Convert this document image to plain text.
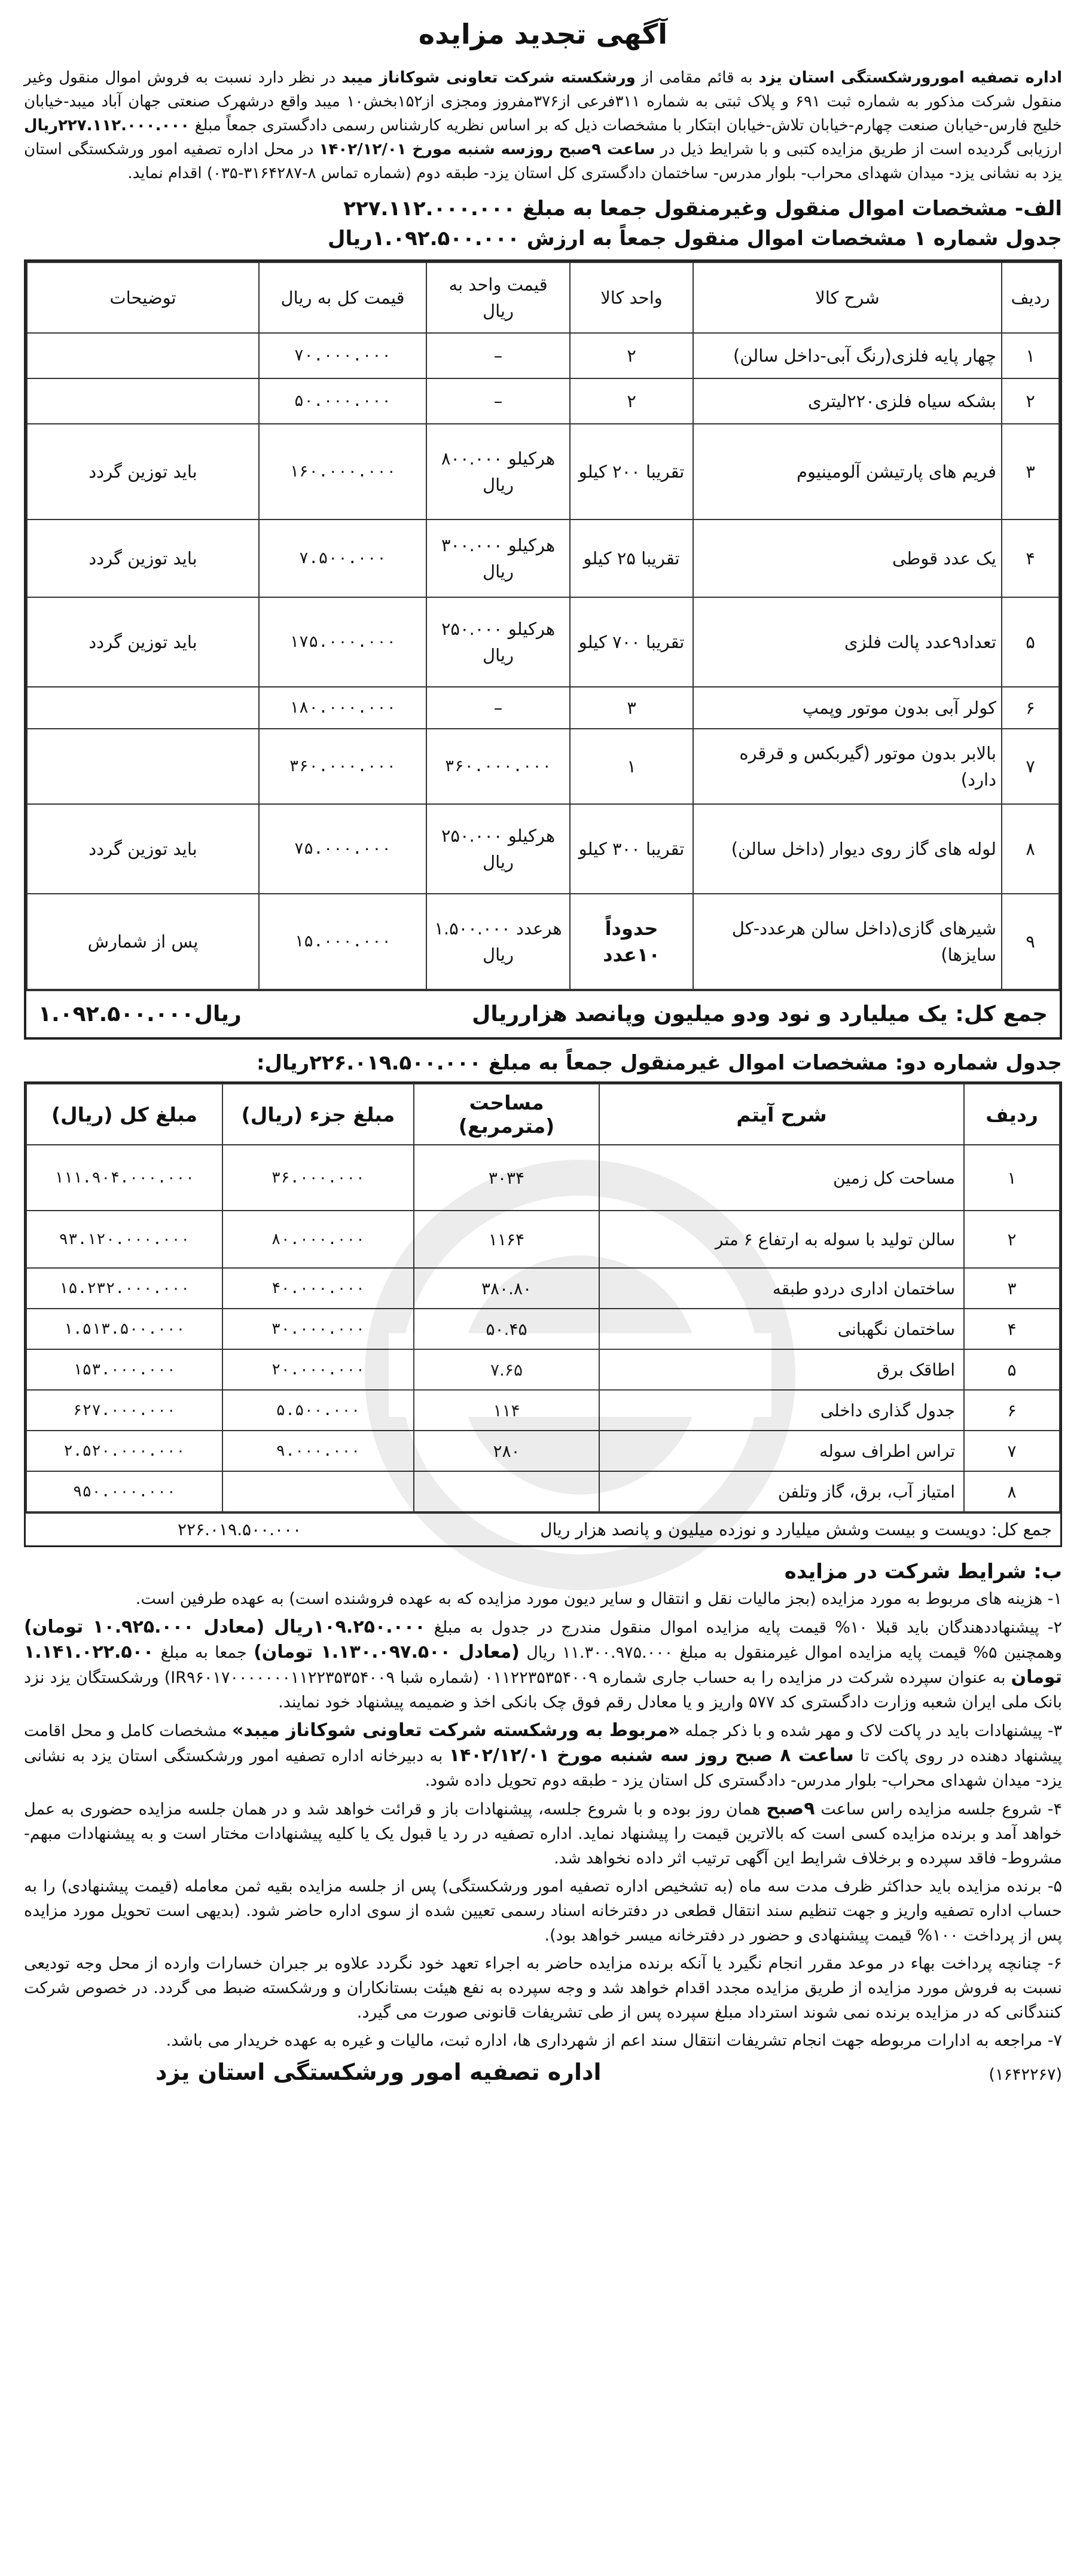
آگهی تجدید مزایده

اداره تصفیه امورورشکستگی استان یزد به قائم مقامی از ورشکسته شرکت تعاونی شوکاناز میبد در نظر دارد نسبت به فروش اموال منقول وغیر منقول شرکت مذکور به شماره ثبت ۶۹۱ و پلاک ثبتی به شماره ۳۱۱فرعی از۳۷۶مفروز ومجزی از۱۵۲بخش۱۰ میبد واقع درشهرک صنعتی جهان آباد میبد-خیابان خلیج فارس-خیابان صنعت چهارم-خیابان تلاش-خیابان ابتکار با مشخصات ذیل که بر اساس نظریه کارشناس رسمی دادگستری جمعاً مبلغ ۲۲۷.۱۱۲.۰۰۰.۰۰۰ریال ارزیابی گردیده است از طریق مزایده کتبی و با شرایط ذیل در ساعت ۹صبح روزسه شنبه مورخ ۱۴۰۲/۱۲/۰۱ در محل اداره تصفیه امور ورشکستگی استان یزد به نشانی یزد- میدان شهدای محراب- بلوار مدرس- ساختمان دادگستری کل استان یزد- طبقه دوم (شماره تماس ۸-۳۱۶۴۲۸۷-۰۳۵) اقدام نماید.

الف- مشخصات اموال منقول وغیرمنقول جمعا به مبلغ ۲۲۷.۱۱۲.۰۰۰.۰۰۰

جدول شماره ۱ مشخصات اموال منقول جمعاً به ارزش ۱.۰۹۲.۵۰۰.۰۰۰ریال

ردیف	شرح کالا	واحد کالا	قیمت واحد به ریال	قیمت کل به ریال	توضیحات
۱	چهار پایه فلزی(رنگ آبی-داخل سالن)	۲	–	۷۰.۰۰۰.۰۰۰	
۲	بشکه سیاه فلزی۲۲۰لیتری	۲	–	۵۰.۰۰۰.۰۰۰	
۳	فریم های پارتیشن آلومینیوم	تقریبا ۲۰۰ کیلو	هرکیلو ۸۰۰.۰۰۰ ریال	۱۶۰.۰۰۰.۰۰۰	باید توزین گردد
۴	یک عدد قوطی	تقریبا ۲۵ کیلو	هرکیلو ۳۰۰.۰۰۰ ریال	۷.۵۰۰.۰۰۰	باید توزین گردد
۵	تعداد۹عدد پالت فلزی	تقریبا ۷۰۰ کیلو	هرکیلو ۲۵۰.۰۰۰ ریال	۱۷۵.۰۰۰.۰۰۰	باید توزین گردد
۶	کولر آبی بدون موتور وپمپ	۳	–	۱۸۰.۰۰۰.۰۰۰	
۷	بالابر بدون موتور (گیربکس و قرقره دارد)	۱	۳۶۰.۰۰۰.۰۰۰	۳۶۰.۰۰۰.۰۰۰	
۸	لوله های گاز روی دیوار (داخل سالن)	تقریبا ۳۰۰ کیلو	هرکیلو ۲۵۰.۰۰۰ ریال	۷۵.۰۰۰.۰۰۰	باید توزین گردد
۹	شیرهای گازی(داخل سالن هرعدد-کل سایزها)	حدوداً ۱۰عدد	هرعدد ۱.۵۰۰.۰۰۰ ریال	۱۵.۰۰۰.۰۰۰	پس از شمارش
جمع کل: یک میلیارد و نود ودو میلیون وپانصد هزارریال
۱.۰۹۲.۵۰۰.۰۰۰ریال

جدول شماره دو: مشخصات اموال غیرمنقول جمعاً به مبلغ ۲۲۶.۰۱۹.۵۰۰.۰۰۰ریال:

ردیف	شرح آیتم	مساحت (مترمربع)	مبلغ جزء (ریال)	مبلغ کل (ریال)
۱	مساحت کل زمین	۳۰۳۴	۳۶.۰۰۰.۰۰۰	۱۱۱.۹۰۴.۰۰۰.۰۰۰
۲	سالن تولید با سوله به ارتفاع ۶ متر	۱۱۶۴	۸۰.۰۰۰.۰۰۰	۹۳.۱۲۰.۰۰۰.۰۰۰
۳	ساختمان اداری دردو طبقه	۳۸۰.۸۰	۴۰.۰۰۰.۰۰۰	۱۵.۲۳۲.۰۰۰.۰۰۰
۴	ساختمان نگهبانی	۵۰.۴۵	۳۰.۰۰۰.۰۰۰	۱.۵۱۳.۵۰۰.۰۰۰
۵	اطاقک برق	۷.۶۵	۲۰.۰۰۰.۰۰۰	۱۵۳.۰۰۰.۰۰۰
۶	جدول گذاری داخلی	۱۱۴	۵.۵۰۰.۰۰۰	۶۲۷.۰۰۰.۰۰۰
۷	تراس اطراف سوله	۲۸۰	۹.۰۰۰.۰۰۰	۲.۵۲۰.۰۰۰.۰۰۰
۸	امتیاز آب، برق، گاز وتلفن			۹۵۰.۰۰۰.۰۰۰
جمع کل: دویست و بیست وشش میلیارد و نوزده میلیون و پانصد هزار ریال
۲۲۶.۰۱۹.۵۰۰.۰۰۰

ب: شرایط شرکت در مزایده

۱- هزینه های مربوط به مورد مزایده (بجز مالیات نقل و انتقال و سایر دیون مورد مزایده که به عهده فروشنده است) به عهده طرفین است.

۲- پیشنهاددهندگان باید قبلا ۱۰% قیمت پایه مزایده اموال منقول مندرج در جدول به مبلغ ۱۰۹.۲۵۰.۰۰۰ریال (معادل ۱۰.۹۲۵.۰۰۰ تومان) وهمچنین ۵% قیمت پایه مزایده اموال غیرمنقول به مبلغ ۱۱.۳۰۰.۹۷۵.۰۰۰ ریال (معادل ۱.۱۳۰.۰۹۷.۵۰۰ تومان) جمعا به مبلغ ۱.۱۴۱.۰۲۲.۵۰۰ تومان به عنوان سپرده شرکت در مزایده را به حساب جاری شماره ۰۱۱۲۲۳۵۳۵۴۰۰۹ (شماره شبا IR۹۶۰۱۷۰۰۰۰۰۰۰۱۱۲۲۳۵۳۵۴۰۰۹) ورشکستگان یزد نزد بانک ملی ایران شعبه وزارت دادگستری کد ۵۷۷ واریز و یا معادل رقم فوق چک بانکی اخذ و ضمیمه پیشنهاد خود نمایند.

۳- پیشنهادات باید در پاکت لاک و مهر شده و با ذکر جمله «مربوط به ورشکسته شرکت تعاونی شوکاناز میبد» مشخصات کامل و محل اقامت پیشنهاد دهنده در روی پاکت تا ساعت ۸ صبح روز سه شنبه مورخ ۱۴۰۲/۱۲/۰۱ به دبیرخانه اداره تصفیه امور ورشکستگی استان یزد به نشانی یزد- میدان شهدای محراب- بلوار مدرس- دادگستری کل استان یزد - طبقه دوم تحویل داده شود.

۴- شروع جلسه مزایده راس ساعت ۹صبح همان روز بوده و با شروع جلسه، پیشنهادات باز و قرائت خواهد شد و در همان جلسه مزایده حضوری به عمل خواهد آمد و برنده مزایده کسی است که بالاترین قیمت را پیشنهاد نماید. اداره تصفیه در رد یا قبول یک یا کلیه پیشنهادات مختار است و به پیشنهادات مبهم- مشروط- فاقد سپرده و برخلاف شرایط این آگهی ترتیب اثر داده نخواهد شد.

۵- برنده مزایده باید حداکثر ظرف مدت سه ماه (به تشخیص اداره تصفیه امور ورشکستگی) پس از جلسه مزایده بقیه ثمن معامله (قیمت پیشنهادی) را به حساب اداره تصفیه واریز و جهت تنظیم سند انتقال قطعی در دفترخانه اسناد رسمی تعیین شده از سوی اداره حاضر شود. (بدیهی است تحویل مورد مزایده پس از پرداخت ۱۰۰% قیمت پیشنهادی و حضور در دفترخانه میسر خواهد بود).

۶- چنانچه پرداخت بهاء در موعد مقرر انجام نگیرد یا آنکه برنده مزایده حاضر به اجراء تعهد خود نگردد علاوه بر جبران خسارات وارده از محل وجه تودیعی نسبت به فروش مورد مزایده از طریق مزایده مجدد اقدام خواهد شد و وجه سپرده به نفع هیئت بستانکاران و ورشکسته ضبط می گردد. در خصوص شرکت کنندگانی که در مزایده برنده نمی شوند استرداد مبلغ سپرده پس از طی تشریفات قانونی صورت می گیرد.

۷- مراجعه به ادارات مربوطه جهت انجام تشریفات انتقال سند اعم از شهرداری ها، اداره ثبت، مالیات و غیره به عهده خریدار می باشد.

(۱۶۴۲۲۶۷)
اداره تصفیه امور ورشکستگی استان یزد
